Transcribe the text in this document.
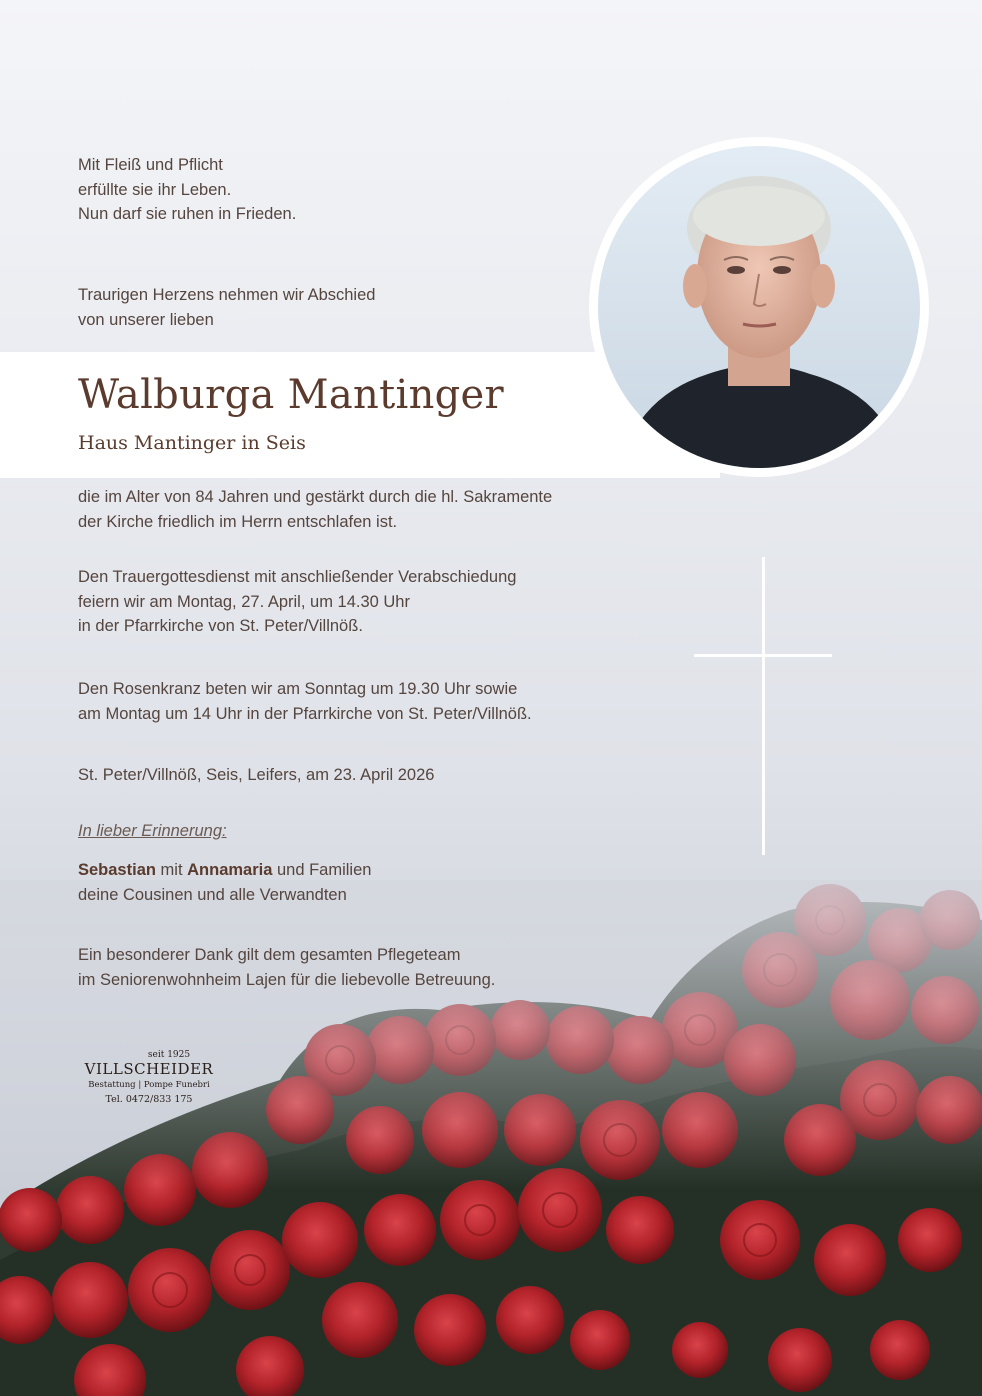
Mit Fleiß und Pflicht

erfüllte sie ihr Leben.

Nun darf sie ruhen in Frieden.

Traurigen Herzens nehmen wir Abschied

von unserer lieben

Walburga Mantinger
Haus Mantinger in Seis

die im Alter von 84 Jahren und gestärkt durch die hl. Sakramente

der Kirche friedlich im Herrn entschlafen ist.

Den Trauergottesdienst mit anschließender Verabschiedung

feiern wir am Montag, 27. April, um 14.30 Uhr

in der Pfarrkirche von St. Peter/Villnöß.

Den Rosenkranz beten wir am Sonntag um 19.30 Uhr sowie

am Montag um 14 Uhr in der Pfarrkirche von St. Peter/Villnöß.

St. Peter/Villnöß, Seis, Leifers, am 23. April 2026

In lieber Erinnerung:

Sebastian mit Annamaria und Familien

deine Cousinen und alle Verwandten

Ein besonderer Dank gilt dem gesamten Pflegeteam

im Seniorenwohnheim Lajen für die liebevolle Betreuung.

seit 1925
VILLSCHEIDER
Bestattung | Pompe Funebri
Tel. 0472/833 175
